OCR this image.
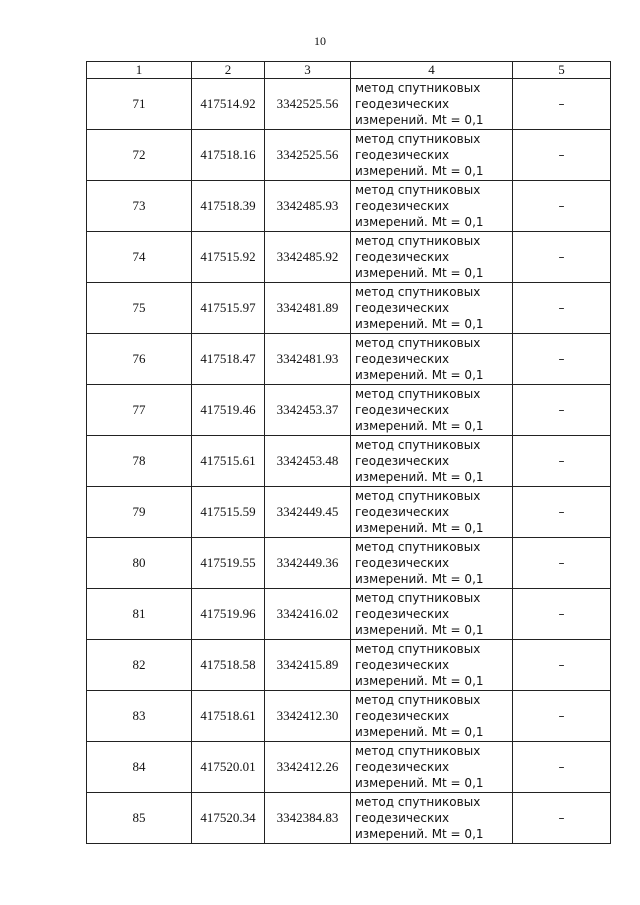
10
1	2	3	4	5
71	417514.92	3342525.56	метод спутниковых
геодезических
измерений. Mt = 0,1	–
72	417518.16	3342525.56	метод спутниковых
геодезических
измерений. Mt = 0,1	–
73	417518.39	3342485.93	метод спутниковых
геодезических
измерений. Mt = 0,1	–
74	417515.92	3342485.92	метод спутниковых
геодезических
измерений. Mt = 0,1	–
75	417515.97	3342481.89	метод спутниковых
геодезических
измерений. Mt = 0,1	–
76	417518.47	3342481.93	метод спутниковых
геодезических
измерений. Mt = 0,1	–
77	417519.46	3342453.37	метод спутниковых
геодезических
измерений. Mt = 0,1	–
78	417515.61	3342453.48	метод спутниковых
геодезических
измерений. Mt = 0,1	–
79	417515.59	3342449.45	метод спутниковых
геодезических
измерений. Mt = 0,1	–
80	417519.55	3342449.36	метод спутниковых
геодезических
измерений. Mt = 0,1	–
81	417519.96	3342416.02	метод спутниковых
геодезических
измерений. Mt = 0,1	–
82	417518.58	3342415.89	метод спутниковых
геодезических
измерений. Mt = 0,1	–
83	417518.61	3342412.30	метод спутниковых
геодезических
измерений. Mt = 0,1	–
84	417520.01	3342412.26	метод спутниковых
геодезических
измерений. Mt = 0,1	–
85	417520.34	3342384.83	метод спутниковых
геодезических
измерений. Mt = 0,1	–
